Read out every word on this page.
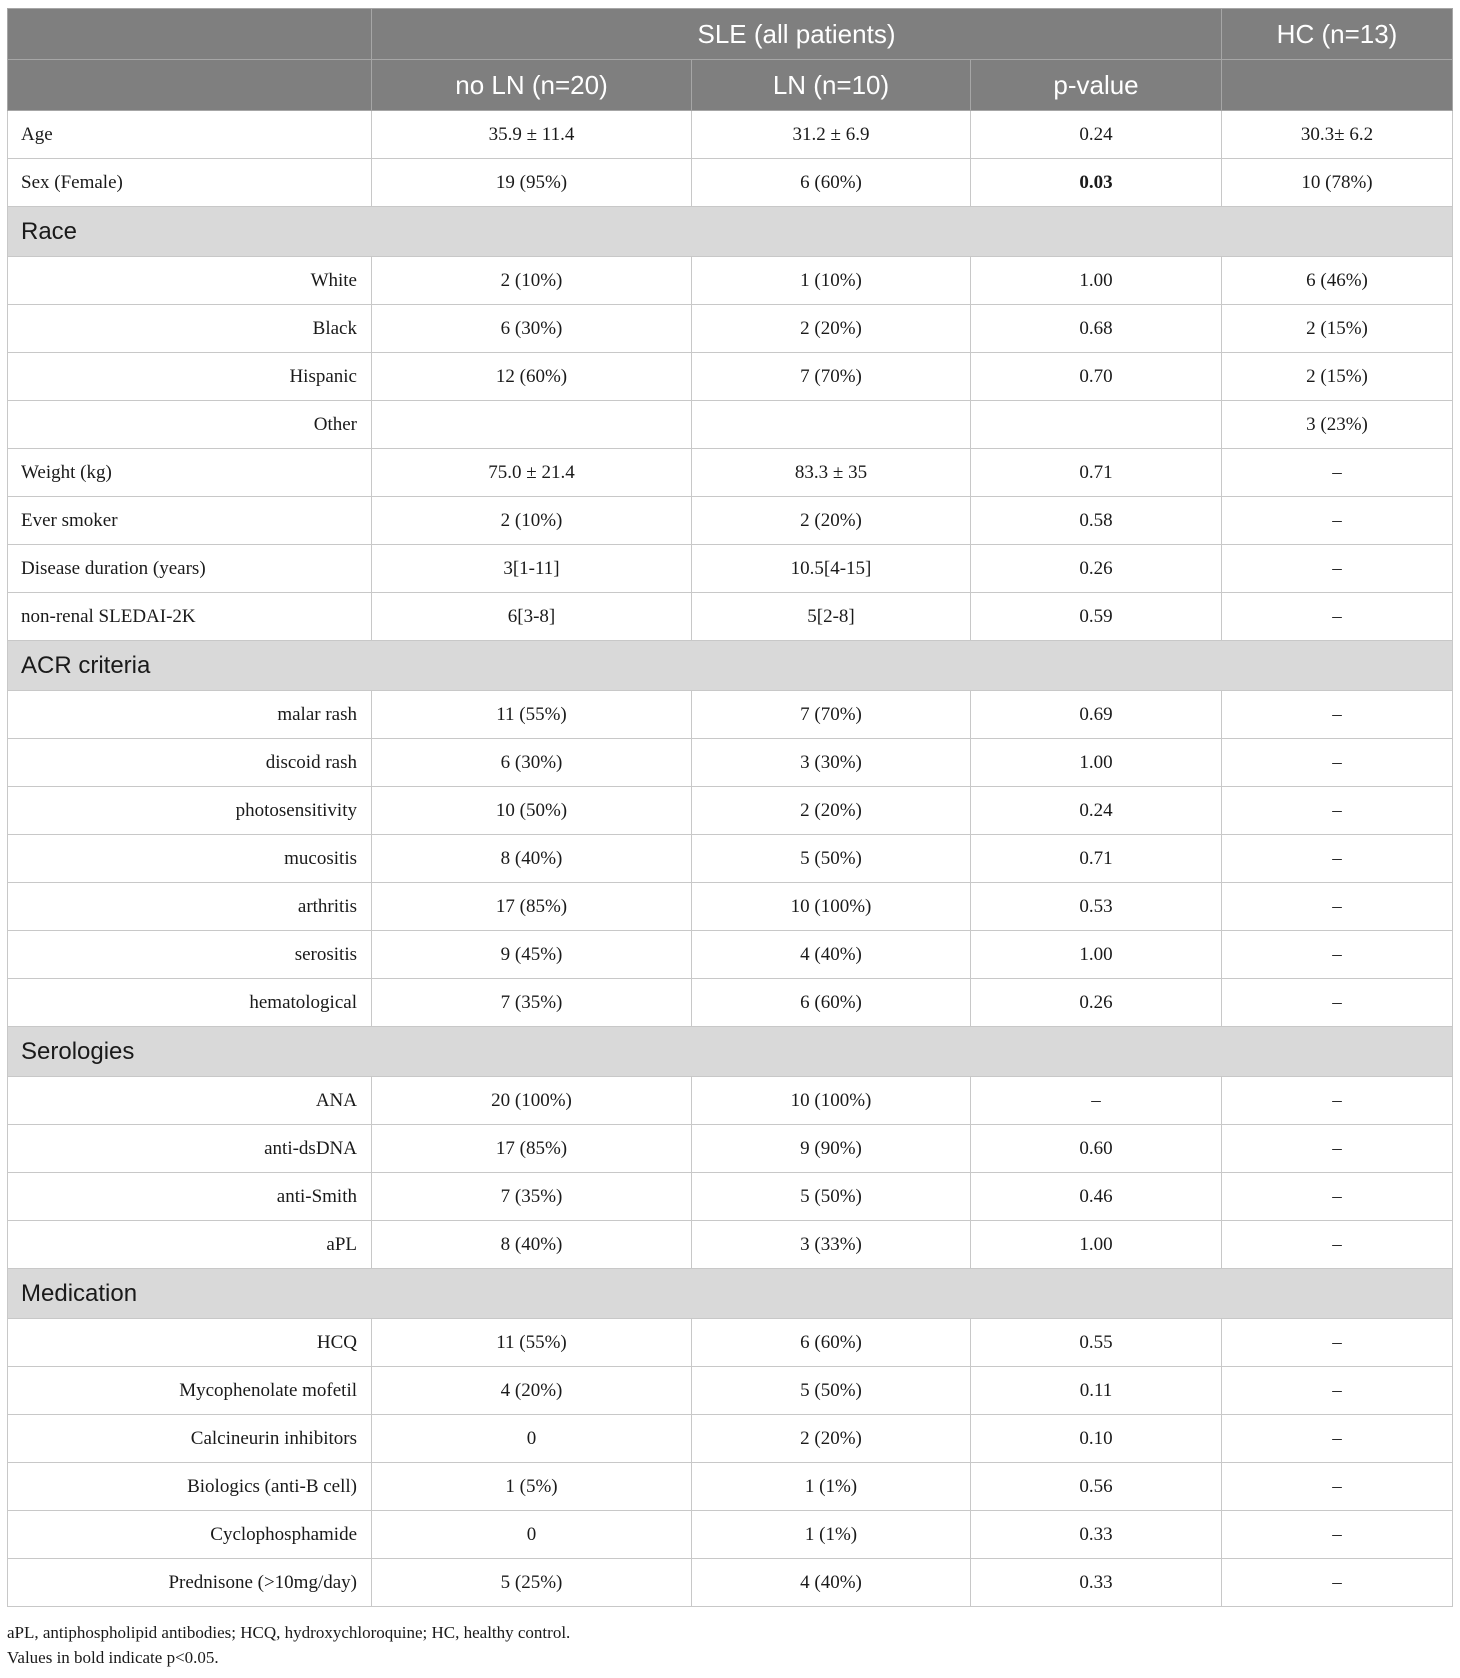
	SLE (all patients)			HC (n=13)
	no LN (n=20)	LN (n=10)	p-value	
Age	35.9 ± 11.4	31.2 ± 6.9	0.24	30.3± 6.2
Sex (Female)	19 (95%)	6 (60%)	0.03	10 (78%)
Race				
White	2 (10%)	1 (10%)	1.00	6 (46%)
Black	6 (30%)	2 (20%)	0.68	2 (15%)
Hispanic	12 (60%)	7 (70%)	0.70	2 (15%)
Other				3 (23%)
Weight (kg)	75.0 ± 21.4	83.3 ± 35	0.71	–
Ever smoker	2 (10%)	2 (20%)	0.58	–
Disease duration (years)	3[1-11]	10.5[4-15]	0.26	–
non-renal SLEDAI-2K	6[3-8]	5[2-8]	0.59	–
ACR criteria				
malar rash	11 (55%)	7 (70%)	0.69	–
discoid rash	6 (30%)	3 (30%)	1.00	–
photosensitivity	10 (50%)	2 (20%)	0.24	–
mucositis	8 (40%)	5 (50%)	0.71	–
arthritis	17 (85%)	10 (100%)	0.53	–
serositis	9 (45%)	4 (40%)	1.00	–
hematological	7 (35%)	6 (60%)	0.26	–
Serologies				
ANA	20 (100%)	10 (100%)	–	–
anti-dsDNA	17 (85%)	9 (90%)	0.60	–
anti-Smith	7 (35%)	5 (50%)	0.46	–
aPL	8 (40%)	3 (33%)	1.00	–
Medication				
HCQ	11 (55%)	6 (60%)	0.55	–
Mycophenolate mofetil	4 (20%)	5 (50%)	0.11	–
Calcineurin inhibitors	0	2 (20%)	0.10	–
Biologics (anti-B cell)	1 (5%)	1 (1%)	0.56	–
Cyclophosphamide	0	1 (1%)	0.33	–
Prednisone (>10mg/day)	5 (25%)	4 (40%)	0.33	–
aPL, antiphospholipid antibodies; HCQ, hydroxychloroquine; HC, healthy control.
Values in bold indicate p<0.05.
